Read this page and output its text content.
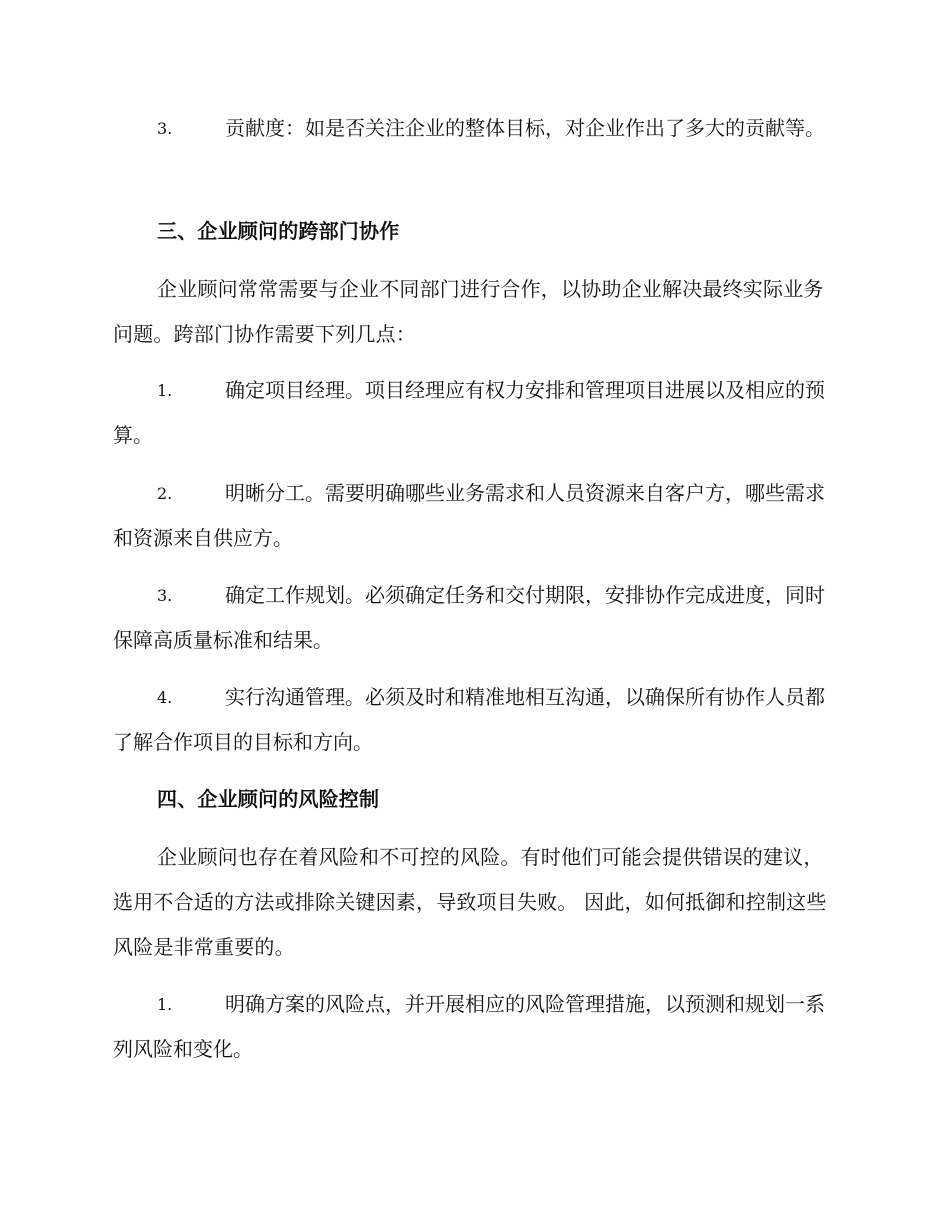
3.	贡献度：如是否关注企业的整体目标，对企业作出了多大的贡献等。
三、企业顾问的跨部门协作
企业顾问常常需要与企业不同部门进行合作，以协助企业解决最终实际业务问题。跨部门协作需要下列几点：
1.	确定项目经理。项目经理应有权力安排和管理项目进展以及相应的预算。
2.	明晰分工。需要明确哪些业务需求和人员资源来自客户方，哪些需求和资源来自供应方。
3.	确定工作规划。必须确定任务和交付期限，安排协作完成进度，同时保障高质量标准和结果。
4.	实行沟通管理。必须及时和精准地相互沟通，以确保所有协作人员都了解合作项目的目标和方向。
四、企业顾问的风险控制
企业顾问也存在着风险和不可控的风险。有时他们可能会提供错误的建议，选用不合适的方法或排除关键因素，导致项目失败。 因此，如何抵御和控制这些风险是非常重要的。
1.	明确方案的风险点，并开展相应的风险管理措施，以预测和规划一系列风险和变化。
